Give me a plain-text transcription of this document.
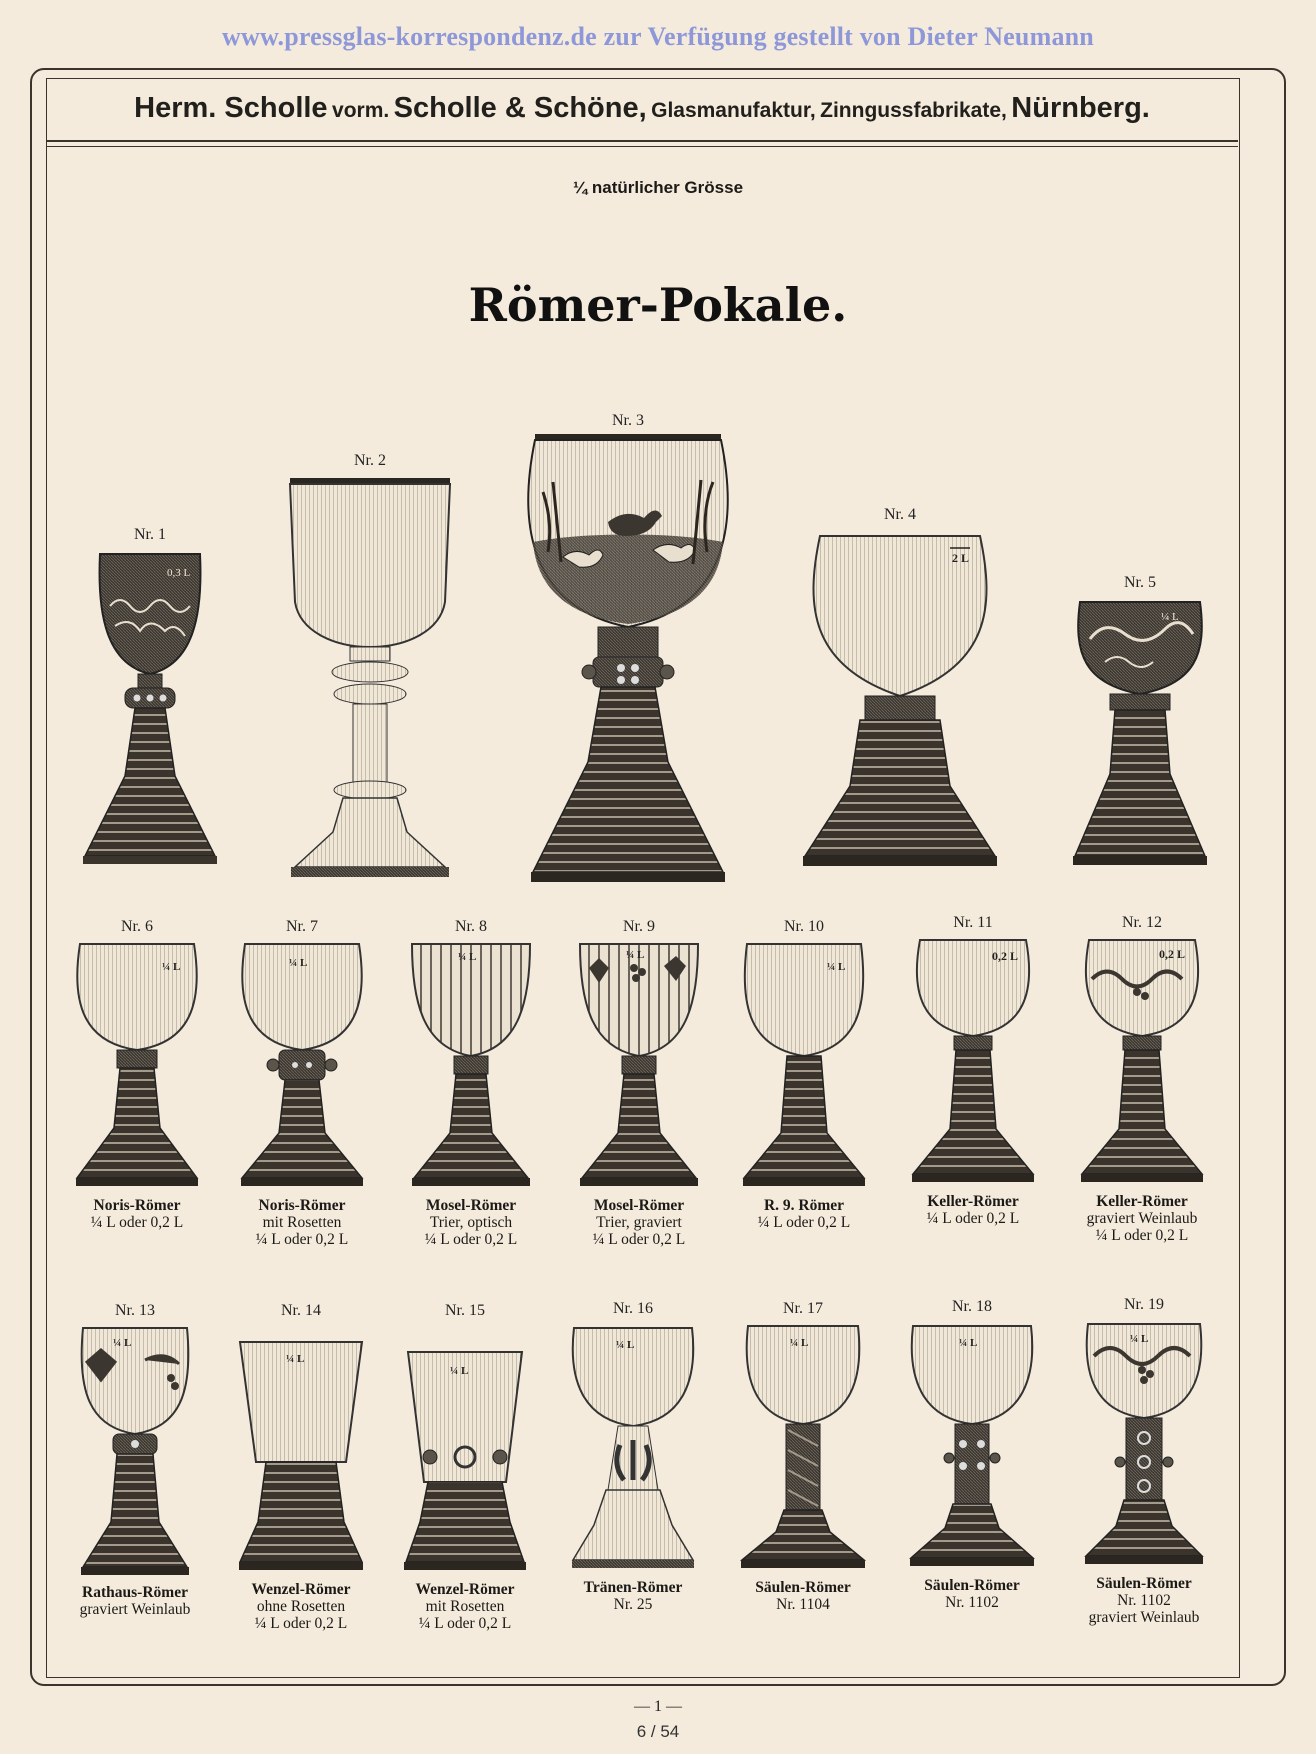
www.pressglas-korrespondenz.de zur Verfügung gestellt von Dieter Neumann
Herm. Scholle vorm. Scholle & Schöne, Glasmanufaktur, Zinngussfabrikate, Nürnberg.
¼ natürlicher Grösse
Römer-Pokale.
Nr. 1
0,3 L
Nr. 2
Nr. 3
Nr. 4
2 L
Nr. 5
¼ L
Nr. 6
¼ L
Noris-Römer
¼ L oder 0,2 L
Nr. 7
¼ L
Noris-Römer
mit Rosetten
¼ L oder 0,2 L
Nr. 8
¼ L
Mosel-Römer
Trier, optisch
¼ L oder 0,2 L
Nr. 9
¼ L
Mosel-Römer
Trier, graviert
¼ L oder 0,2 L
Nr. 10
¼ L
R. 9. Römer
¼ L oder 0,2 L
Nr. 11
0,2 L
Keller-Römer
¼ L oder 0,2 L
Nr. 12
0,2 L
Keller-Römer
graviert Weinlaub
¼ L oder 0,2 L
Nr. 13
¼ L
Rathaus-Römer
graviert Weinlaub
Nr. 14
¼ L
Wenzel-Römer
ohne Rosetten
¼ L oder 0,2 L
Nr. 15
¼ L
Wenzel-Römer
mit Rosetten
¼ L oder 0,2 L
Nr. 16
¼ L
Tränen-Römer
Nr. 25
Nr. 17
¼ L
Säulen-Römer
Nr. 1104
Nr. 18
¼ L
Säulen-Römer
Nr. 1102
Nr. 19
¼ L
Säulen-Römer
Nr. 1102
graviert Weinlaub
— 1 —
6 / 54
